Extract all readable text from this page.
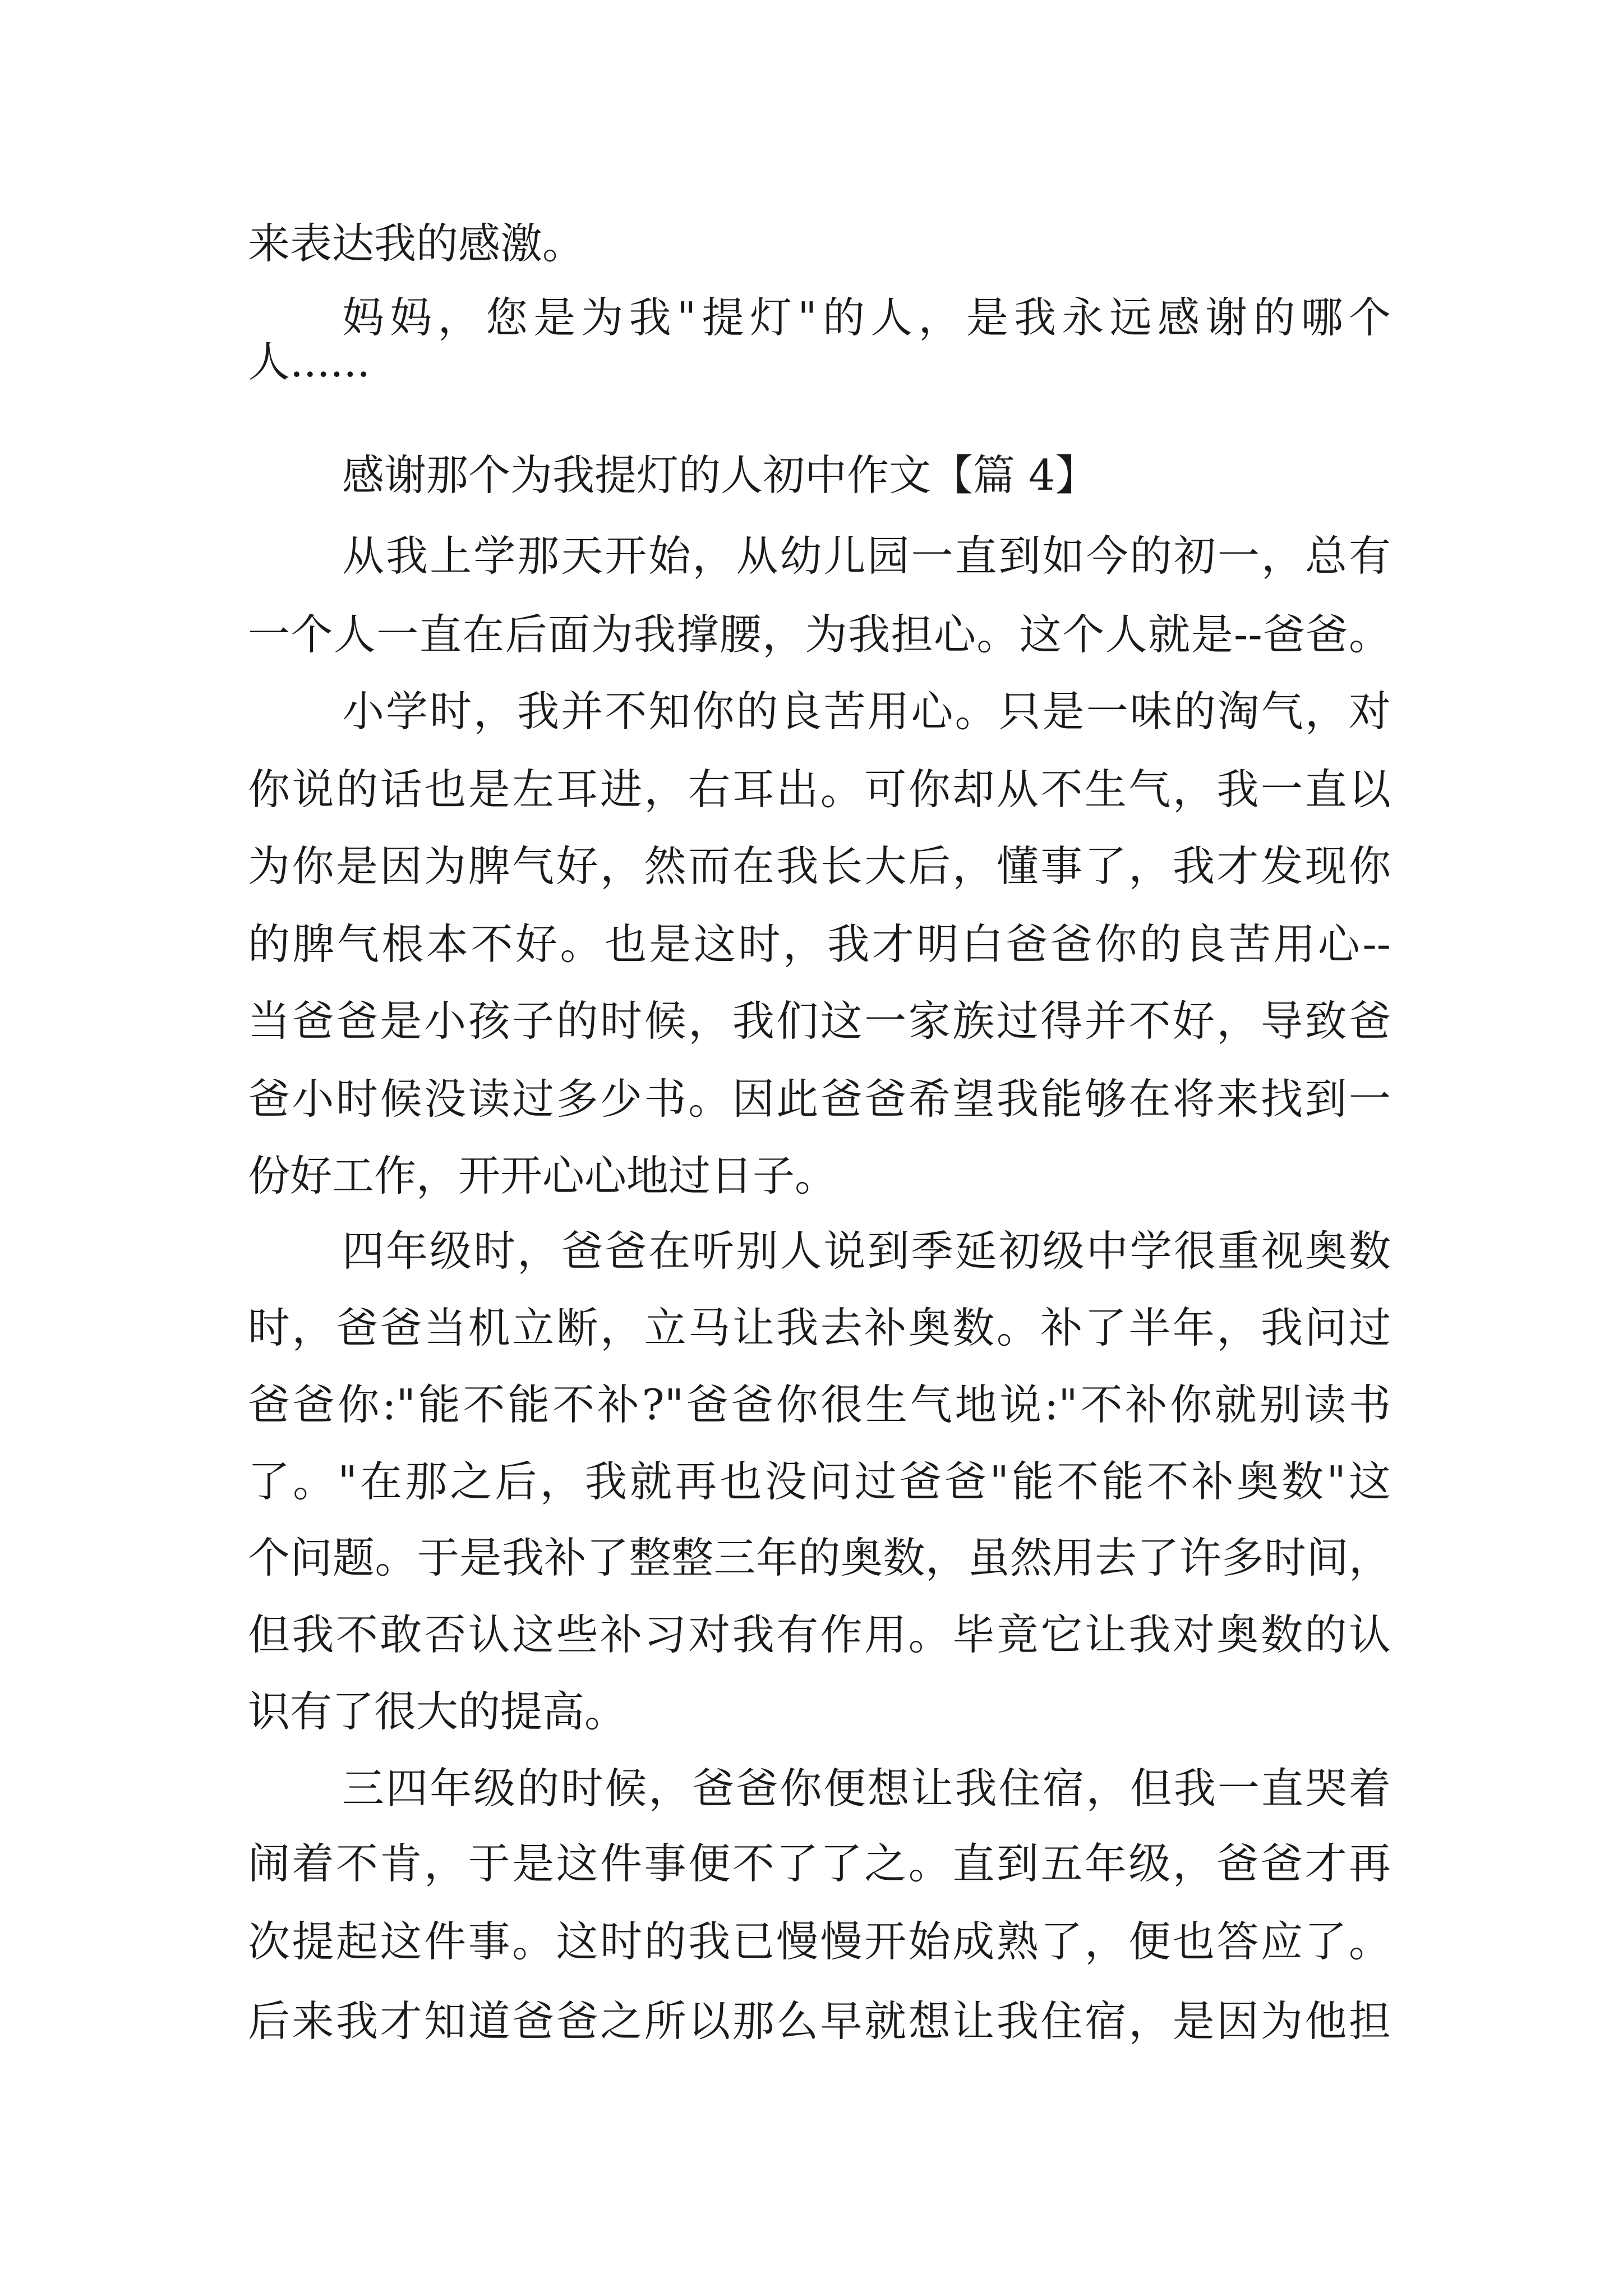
来表达我的感激。
妈妈，您是为我"提灯"的人，是我永远感谢的哪个
人......
感谢那个为我提灯的人初中作文【篇 4】
从我上学那天开始，从幼儿园一直到如今的初一，总有
一个人一直在后面为我撑腰，为我担心。这个人就是--爸爸。
小学时，我并不知你的良苦用心。只是一味的淘气，对
你说的话也是左耳进，右耳出。可你却从不生气，我一直以
为你是因为脾气好，然而在我长大后，懂事了，我才发现你
的脾气根本不好。也是这时，我才明白爸爸你的良苦用心--
当爸爸是小孩子的时候，我们这一家族过得并不好，导致爸
爸小时候没读过多少书。因此爸爸希望我能够在将来找到一
份好工作，开开心心地过日子。
四年级时，爸爸在听别人说到季延初级中学很重视奥数
时，爸爸当机立断，立马让我去补奥数。补了半年，我问过
爸爸你:"能不能不补?"爸爸你很生气地说:"不补你就别读书
了。"在那之后，我就再也没问过爸爸"能不能不补奥数"这
个问题。于是我补了整整三年的奥数，虽然用去了许多时间，
但我不敢否认这些补习对我有作用。毕竟它让我对奥数的认
识有了很大的提高。
三四年级的时候，爸爸你便想让我住宿，但我一直哭着
闹着不肯，于是这件事便不了了之。直到五年级，爸爸才再
次提起这件事。这时的我已慢慢开始成熟了，便也答应了。
后来我才知道爸爸之所以那么早就想让我住宿，是因为他担
